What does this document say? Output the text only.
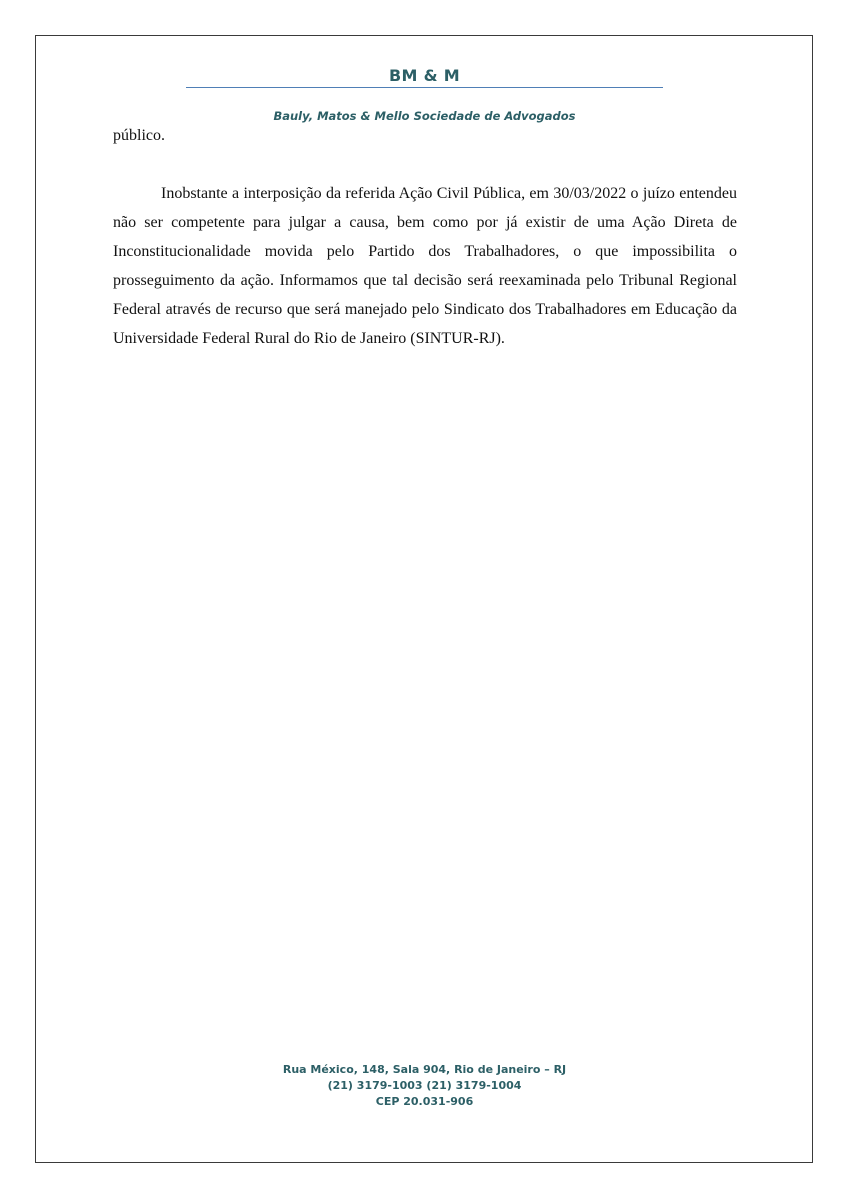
BM & M
Bauly, Matos & Mello Sociedade de Advogados

público.

Inobstante a interposição da referida Ação Civil Pública, em 30/03/2022 o juízo entendeu não ser competente para julgar a causa, bem como por já existir de uma Ação Direta de Inconstitucionalidade movida pelo Partido dos Trabalhadores, o que impossibilita o prosseguimento da ação. Informamos que tal decisão será reexaminada pelo Tribunal Regional Federal através de recurso que será manejado pelo Sindicato dos Trabalhadores em Educação da Universidade Federal Rural do Rio de Janeiro (SINTUR-RJ).

Rua México, 148, Sala 904, Rio de Janeiro – RJ
(21) 3179-1003 (21) 3179-1004
CEP 20.031-906
